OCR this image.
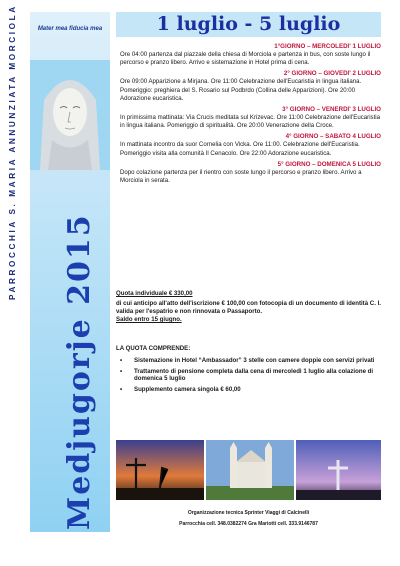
Mater mea fiducia mea
PARROCCHIA S. MARIA ANNUNZIATA MORCIOLA
Medjugorje 2015
1 luglio - 5 luglio
1°GIORNO – MERCOLEDI' 1 LUGLIO
Ore 04:00 partenza dal piazzale della chiesa di Morciola e partenza in bus, con soste lungo il percorso e pranzo libero. Arrivo e sistemazione in Hotel prima di cena.
2° GIORNO – GIOVEDI' 2 LUGLIO
Ore 09:00 Apparizione a Mirjana. Ore 11:00 Celebrazione dell'Eucaristia in lingua italiana. Pomeriggio: preghiera del S. Rosario sul Podbrdo (Collina delle Apparizioni). Ore 20:00 Adorazione eucaristica.
3° GIORNO – VENERDI' 3 LUGLIO
In primissima mattinata: Via Crucis meditata sul Krizevac. Ore 11:00 Celebrazione dell'Eucaristia in lingua italiana. Pomeriggio di spiritualità. Ore 20:00 Venerazione della Croce.
4° GIORNO – SABATO 4 LUGLIO
In mattinata incontro da suor Cornelia con Vicka. Ore 11:00. Celebrazione dell'Eucaristia. Pomeriggio visita alla comunità Il Cenacolo. Ore 22:00 Adorazione eucaristica.
5° GIORNO – DOMENICA 5 LUGLIO
Dopo colazione partenza per il rientro con soste lungo il percorso e pranzo libero. Arrivo a Morciola in serata.
Quota individuale € 330,00
di cui anticipo all'atto dell'iscrizione € 100,00 con fotocopia di un documento di identità C. I. valida per l'espatrio e non rinnovata o Passaporto.
Saldo entro 15 giugno.
LA QUOTA COMPRENDE:
• Sistemazione in Hotel “Ambassador” 3 stelle con camere doppie con servizi privati
• Trattamento di pensione completa dalla cena di mercoledì 1 luglio alla colazione di domenica 5 luglio
• Supplemento camera singola € 60,00
Organizzazione tecnica Sprinter Viaggi di Calcinelli
Parrocchia cell. 348.0382274 Gra Mariotti cell. 333.9146787
